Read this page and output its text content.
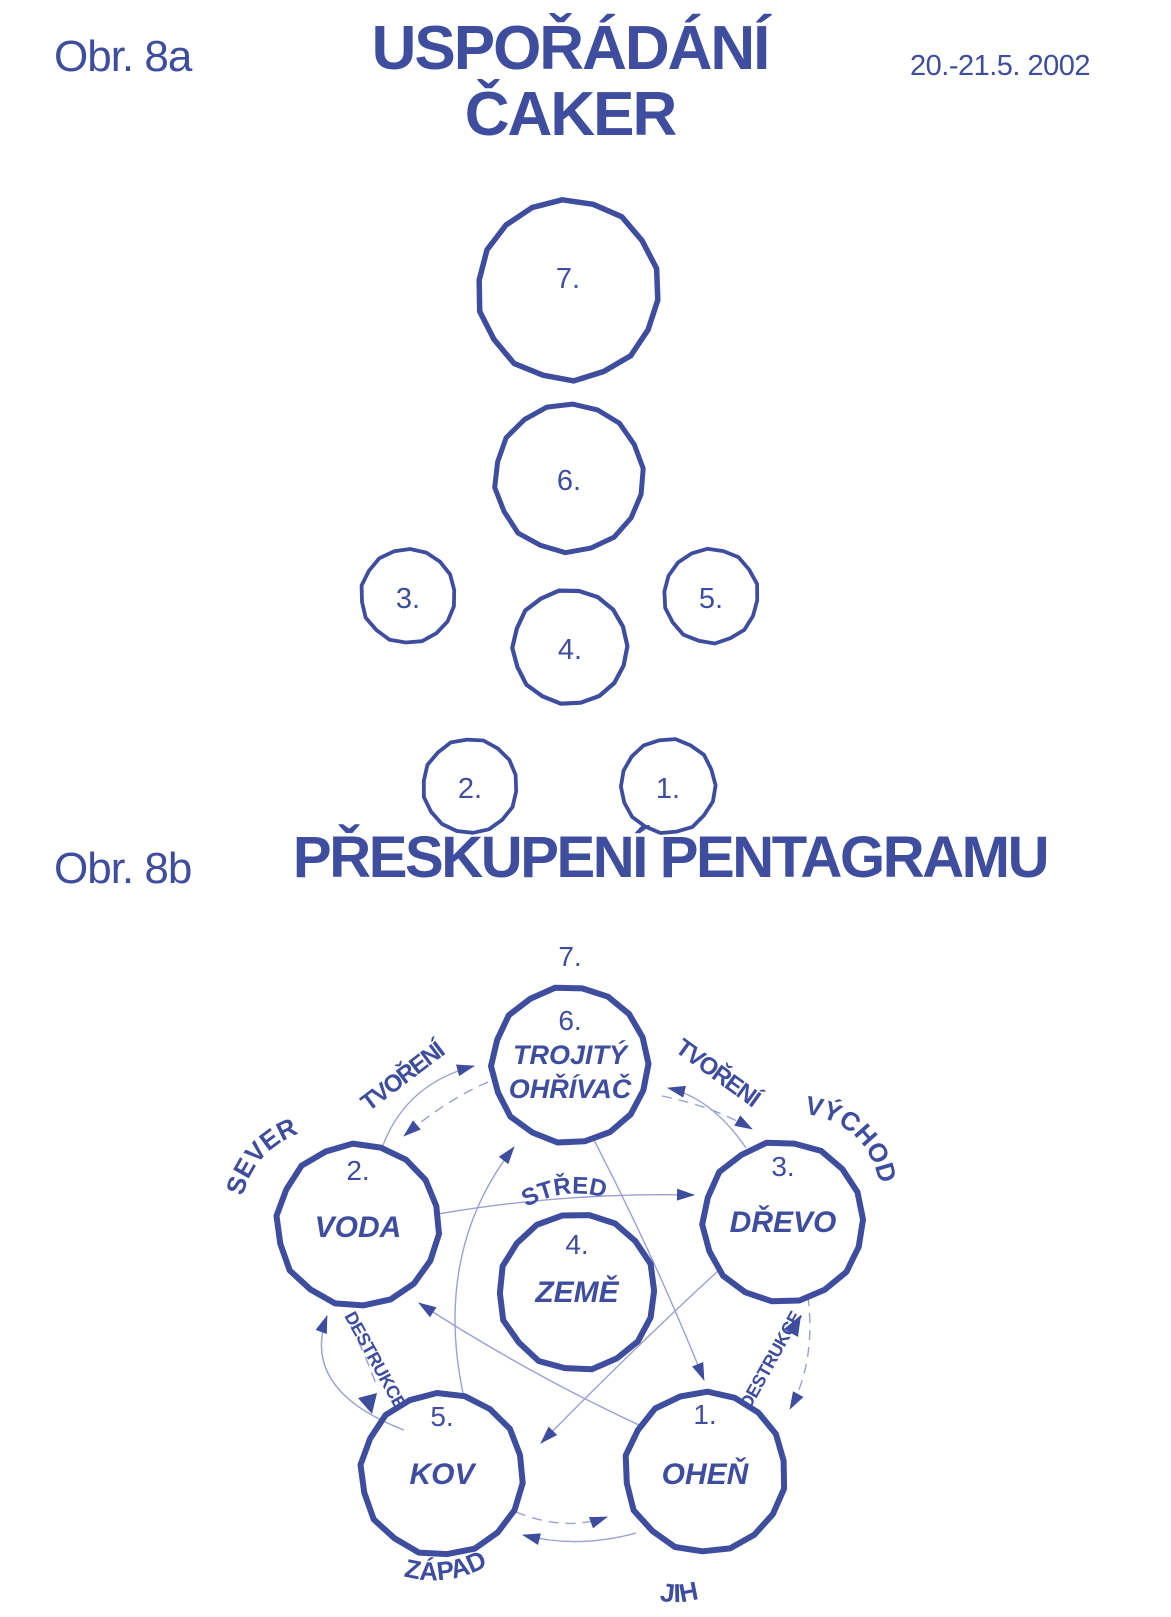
Obr. 8a	USPOŘÁDÁNÍ
ČAKER
20.-21.5. 2002
Obr. 8b	PŘESKUPENÍ PENTAGRAMU
7.
6.
3.
4.
5.
2.	1.
7.
6.
TROJITÝ
OHŘÍVAČ
2.
VODA
3.
DŘEVO
4.
ZEMĚ
5.
KOV
1.
OHEŇ
SEVER
VÝCHOD
ZÁPAD
JIH
STŘED
TVOŘENÍ	TVOŘENÍ
DESTRUKCE	DESTRUKCE
